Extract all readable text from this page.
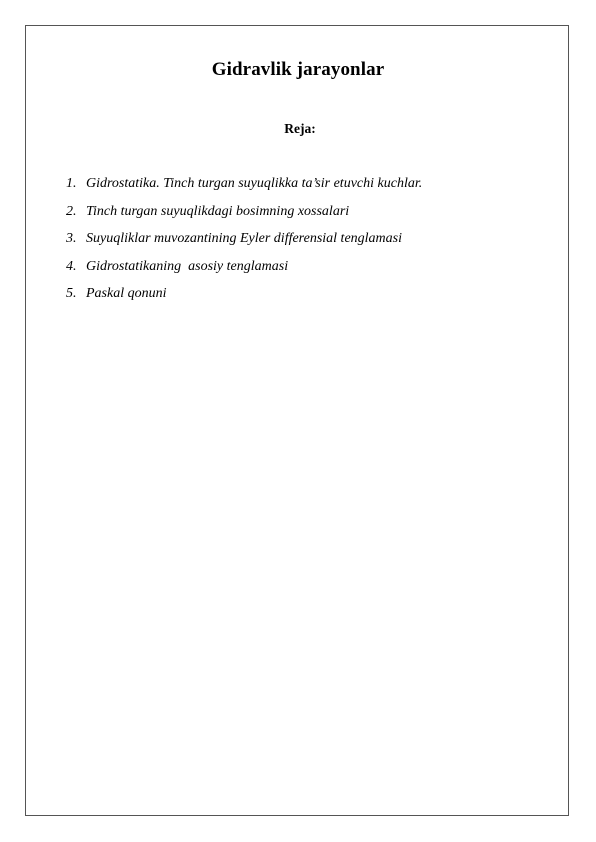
Gidravlik jarayonlar
Reja:
1. Gidrostatika. Tinch turgan suyuqlikka ta’sir etuvchi kuchlar.
2. Tinch turgan suyuqlikdagi bosimning xossalari
3. Suyuqliklar muvozantining Eyler differensial tenglamasi
4. Gidrostatikaning  asosiy tenglamasi
5. Paskal qonuni
